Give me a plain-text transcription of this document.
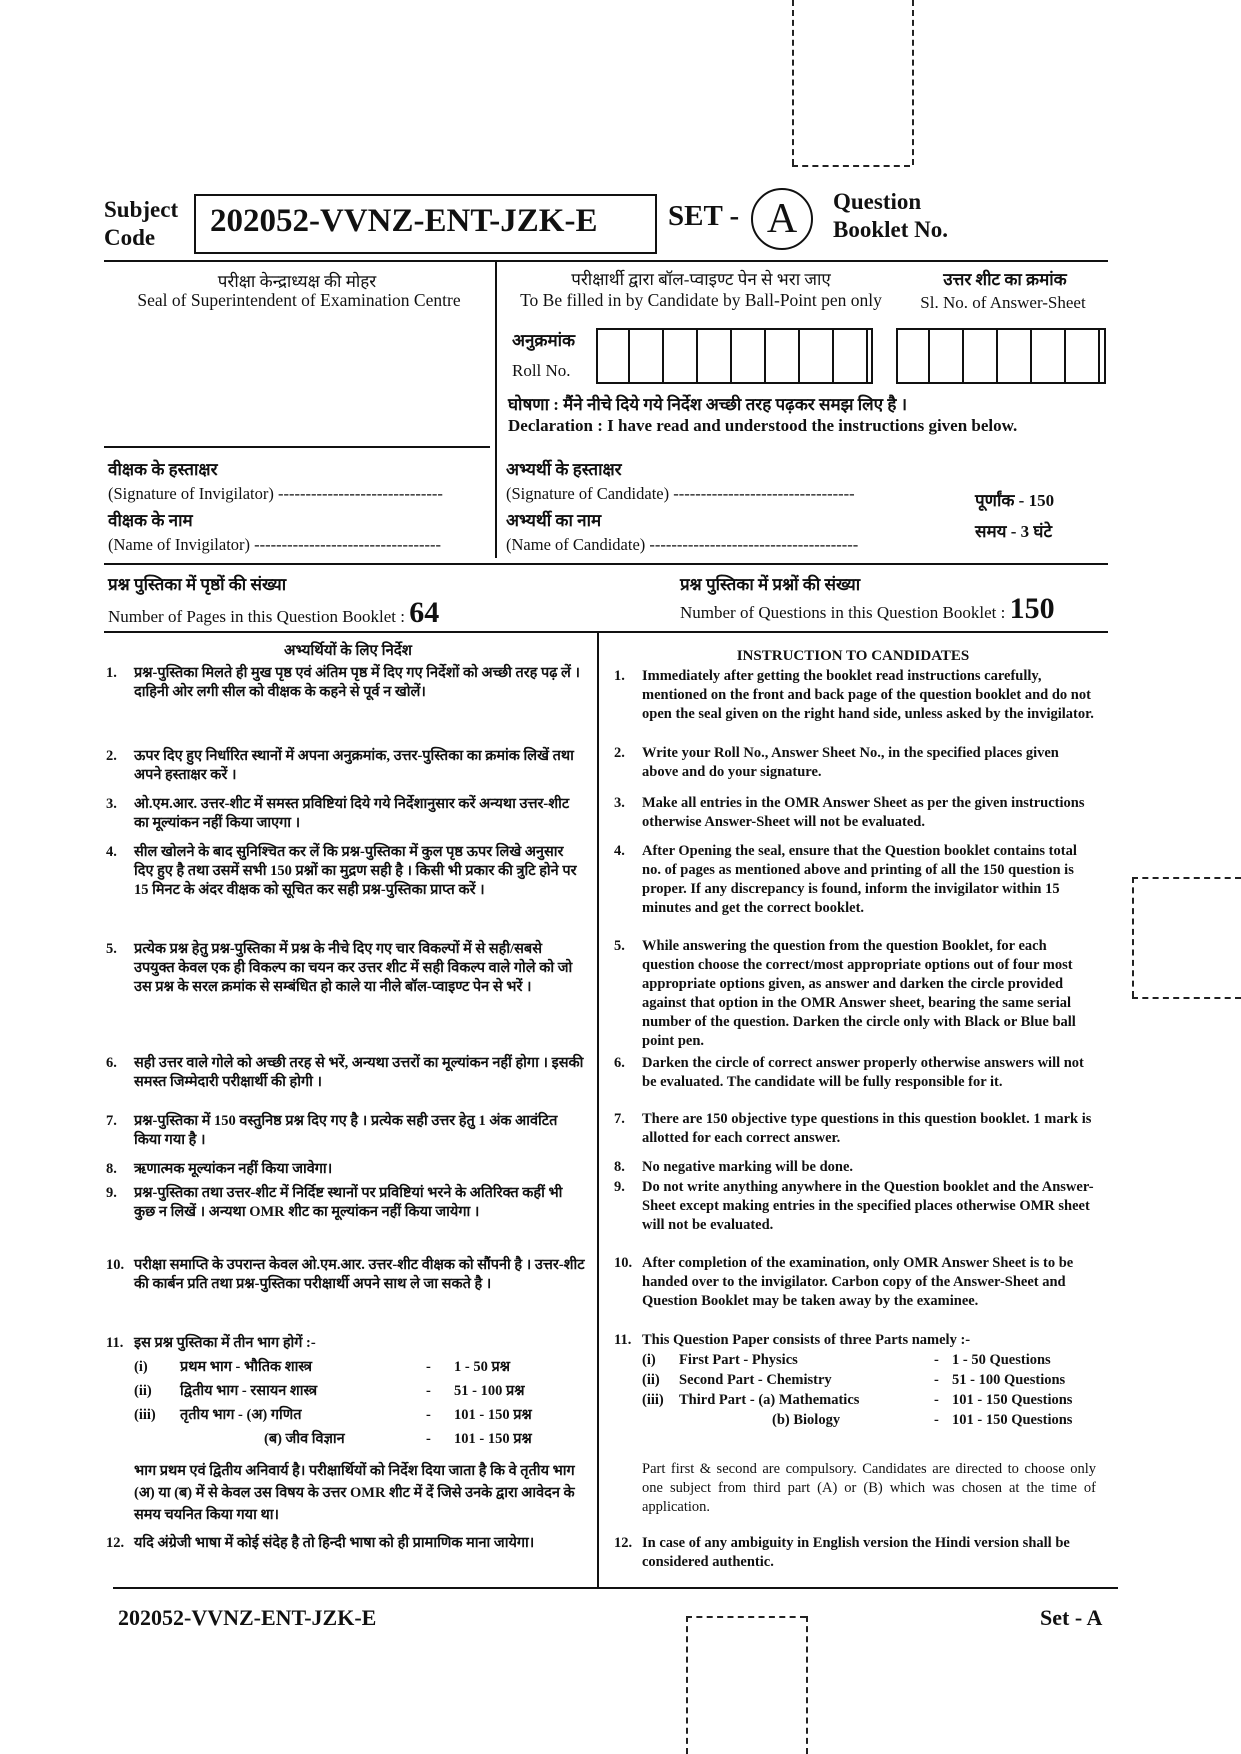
Subject
Code	202052-VVNZ-ENT-JZK-E SET - A	Question
Booklet No.
परीक्षा केन्द्राध्यक्ष की मोहर
Seal of Superintendent of Examination Centre
परीक्षार्थी द्वारा बॉल-प्वाइण्ट पेन से भरा जाए
To Be filled in by Candidate by Ball-Point pen only
उत्तर शीट का क्रमांक
Sl. No. of Answer-Sheet
अनुक्रमांक
Roll No.
घोषणा : मैंने नीचे दिये गये निर्देश अच्छी तरह पढ़कर समझ लिए है ।
Declaration : I have read and understood the instructions given below.
वीक्षक के हस्ताक्षर
(Signature of Invigilator) ------------------------------
वीक्षक के नाम
(Name of Invigilator) ----------------------------------
अभ्यर्थी के हस्ताक्षर
(Signature of Candidate) ---------------------------------
अभ्यर्थी का नाम
(Name of Candidate) --------------------------------------
पूर्णांक - 150
समय - 3 घंटे
प्रश्न पुस्तिका में पृष्ठों की संख्या
Number of Pages in this Question Booklet : 64
प्रश्न पुस्तिका में प्रश्नों की संख्या
Number of Questions in this Question Booklet : 150
अभ्यर्थियों के लिए निर्देश
1. प्रश्न-पुस्तिका मिलते ही मुख पृष्ठ एवं अंतिम पृष्ठ में दिए गए निर्देशों को अच्छी तरह पढ़ लें । दाहिनी ओर लगी सील को वीक्षक के कहने से पूर्व न खोलें।
2. ऊपर दिए हुए निर्धारित स्थानों में अपना अनुक्रमांक, उत्तर-पुस्तिका का क्रमांक लिखें तथा अपने हस्ताक्षर करें ।
3. ओ.एम.आर. उत्तर-शीट में समस्त प्रविष्टियां दिये गये निर्देशानुसार करें अन्यथा उत्तर-शीट का मूल्यांकन नहीं किया जाएगा ।
4. सील खोलने के बाद सुनिश्चित कर लें कि प्रश्न-पुस्तिका में कुल पृष्ठ ऊपर लिखे अनुसार दिए हुए है तथा उसमें सभी 150 प्रश्नों का मुद्रण सही है । किसी भी प्रकार की त्रुटि होने पर 15 मिनट के अंदर वीक्षक को सूचित कर सही प्रश्न-पुस्तिका प्राप्त करें ।
5. प्रत्येक प्रश्न हेतु प्रश्न-पुस्तिका में प्रश्न के नीचे दिए गए चार विकल्पों में से सही/सबसे उपयुक्त केवल एक ही विकल्प का चयन कर उत्तर शीट में सही विकल्प वाले गोले को जो उस प्रश्न के सरल क्रमांक से सम्बंधित हो काले या नीले बॉल-प्वाइण्ट पेन से भरें ।
6. सही उत्तर वाले गोले को अच्छी तरह से भरें, अन्यथा उत्तरों का मूल्यांकन नहीं होगा । इसकी समस्त जिम्मेदारी परीक्षार्थी की होगी ।
7. प्रश्न-पुस्तिका में 150 वस्तुनिष्ठ प्रश्न दिए गए है । प्रत्येक सही उत्तर हेतु 1 अंक आवंटित किया गया है ।
8. ऋणात्मक मूल्यांकन नहीं किया जावेगा।
9. प्रश्न-पुस्तिका तथा उत्तर-शीट में निर्दिष्ट स्थानों पर प्रविष्टियां भरने के अतिरिक्त कहीं भी कुछ न लिखें । अन्यथा OMR शीट का मूल्यांकन नहीं किया जायेगा ।
10. परीक्षा समाप्ति के उपरान्त केवल ओ.एम.आर. उत्तर-शीट वीक्षक को सौंपनी है । उत्तर-शीट की कार्बन प्रति तथा प्रश्न-पुस्तिका परीक्षार्थी अपने साथ ले जा सकते है ।
11. इस प्रश्न पुस्तिका में तीन भाग होगें :-
(i) प्रथम भाग - भौतिक शास्त्र	- 1 - 50 प्रश्न
(ii) द्वितीय भाग - रसायन शास्त्र	- 51 - 100 प्रश्न
(iii) तृतीय भाग - (अ) गणित	- 101 - 150 प्रश्न
(ब) जीव विज्ञान	- 101 - 150 प्रश्न
भाग प्रथम एवं द्वितीय अनिवार्य है। परीक्षार्थियों को निर्देश दिया जाता है कि वे तृतीय भाग (अ) या (ब) में से केवल उस विषय के उत्तर OMR शीट में दें जिसे उनके द्वारा आवेदन के समय चयनित किया गया था।
12. यदि अंग्रेजी भाषा में कोई संदेह है तो हिन्दी भाषा को ही प्रामाणिक माना जायेगा।
INSTRUCTION TO CANDIDATES
1. Immediately after getting the booklet read instructions carefully, mentioned on the front and back page of the question booklet and do not open the seal given on the right hand side, unless asked by the invigilator.
2. Write your Roll No., Answer Sheet No., in the specified places given above and do your signature.
3. Make all entries in the OMR Answer Sheet as per the given instructions otherwise Answer-Sheet will not be evaluated.
4. After Opening the seal, ensure that the Question booklet contains total no. of pages as mentioned above and printing of all the 150 question is proper. If any discrepancy is found, inform the invigilator within 15 minutes and get the correct booklet.
5. While answering the question from the question Booklet, for each question choose the correct/most appropriate options out of four most appropriate options given, as answer and darken the circle provided against that option in the OMR Answer sheet, bearing the same serial number of the question. Darken the circle only with Black or Blue ball point pen.
6. Darken the circle of correct answer properly otherwise answers will not be evaluated. The candidate will be fully responsible for it.
7. There are 150 objective type questions in this question booklet. 1 mark is allotted for each correct answer.
8. No negative marking will be done.
9. Do not write anything anywhere in the Question booklet and the Answer-Sheet except making entries in the specified places otherwise OMR sheet will not be evaluated.
10. After completion of the examination, only OMR Answer Sheet is to be handed over to the invigilator. Carbon copy of the Answer-Sheet and Question Booklet may be taken away by the examinee.
11. This Question Paper consists of three Parts namely :-
(i) First Part - Physics	- 1 - 50 Questions
(ii) Second Part - Chemistry	- 51 - 100 Questions
(iii) Third Part - (a) Mathematics	- 101 - 150 Questions
(b) Biology	- 101 - 150 Questions
Part first & second are compulsory. Candidates are directed to choose only one subject from third part (A) or (B) which was chosen at the time of application.
12. In case of any ambiguity in English version the Hindi version shall be considered authentic.
202052-VVNZ-ENT-JZK-E	Set - A
